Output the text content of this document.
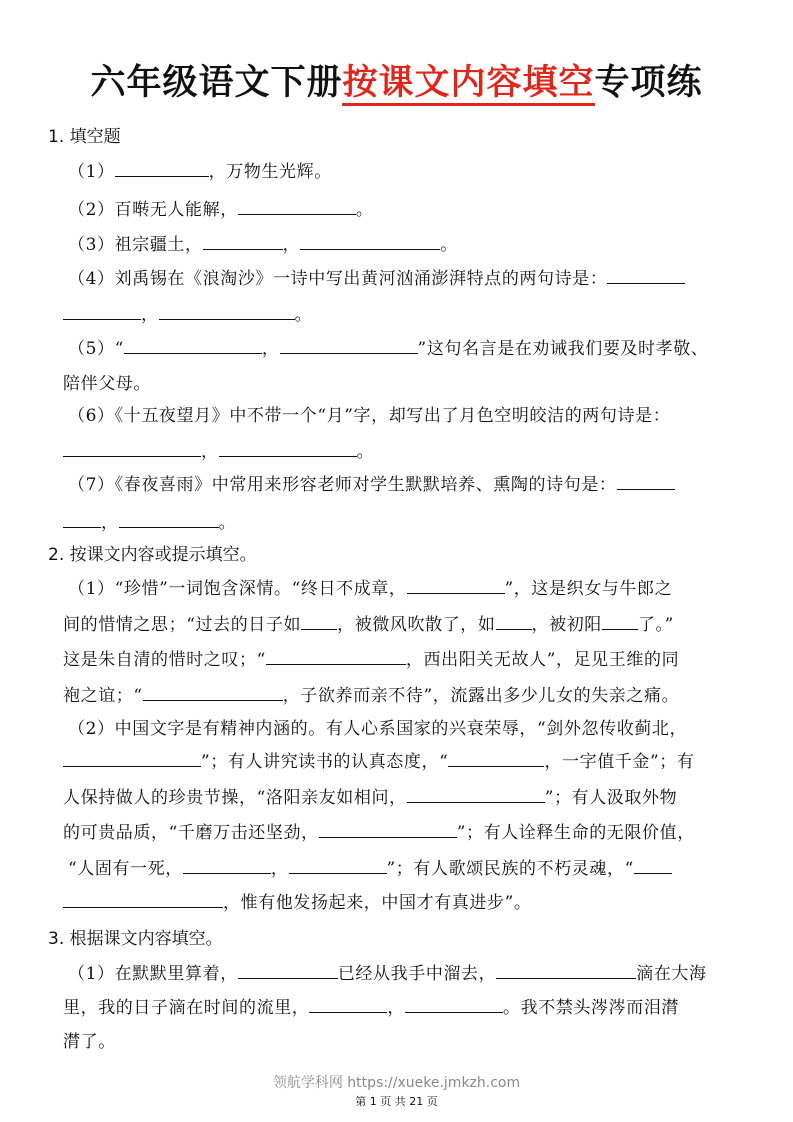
六年级语文下册按课文内容填空专项练
1. 填空题
（1）	，万物生光辉。
（2）百啭无人能解，	。
（3）祖宗疆土，	，	。
（4）刘禹锡在《浪淘沙》一诗中写出黄河汹涌澎湃特点的两句诗是：
，	。
（5）“	，	”这句名言是在劝诫我们要及时孝敬、
陪伴父母。
（6）《十五夜望月》中不带一个“月”字，却写出了月色空明皎洁的两句诗是：
，	。
（7）《春夜喜雨》中常用来形容老师对学生默默培养、熏陶的诗句是：
，	。
2. 按课文内容或提示填空。
（1）“珍惜”一词饱含深情。“终日不成章，	”，这是织女与牛郎之
间的惜情之思；“过去的日子如 ，被微风吹散了，如 ，被初阳 了。”
这是朱自清的惜时之叹；“	，西出阳关无故人”，足见王维的同
袍之谊；“	，子欲养而亲不待”，流露出多少儿女的失亲之痛。
（2）中国文字是有精神内涵的。有人心系国家的兴衰荣辱，“剑外忽传收蓟北，
”；有人讲究读书的认真态度，“	，一字值千金”；有
人保持做人的珍贵节操，“洛阳亲友如相问，	”；有人汲取外物
的可贵品质，“千磨万击还坚劲，	”；有人诠释生命的无限价值，
“人固有一死，	，	”；有人歌颂民族的不朽灵魂，“
，惟有他发扬起来，中国才有真进步”。
3. 根据课文内容填空。
（1）在默默里算着，	已经从我手中溜去，	滴在大海
里，我的日子滴在时间的流里，	，	。我不禁头涔涔而泪潸
潸了。
领航学科网 https://xueke.jmkzh.com
第 1 页 共 21 页
